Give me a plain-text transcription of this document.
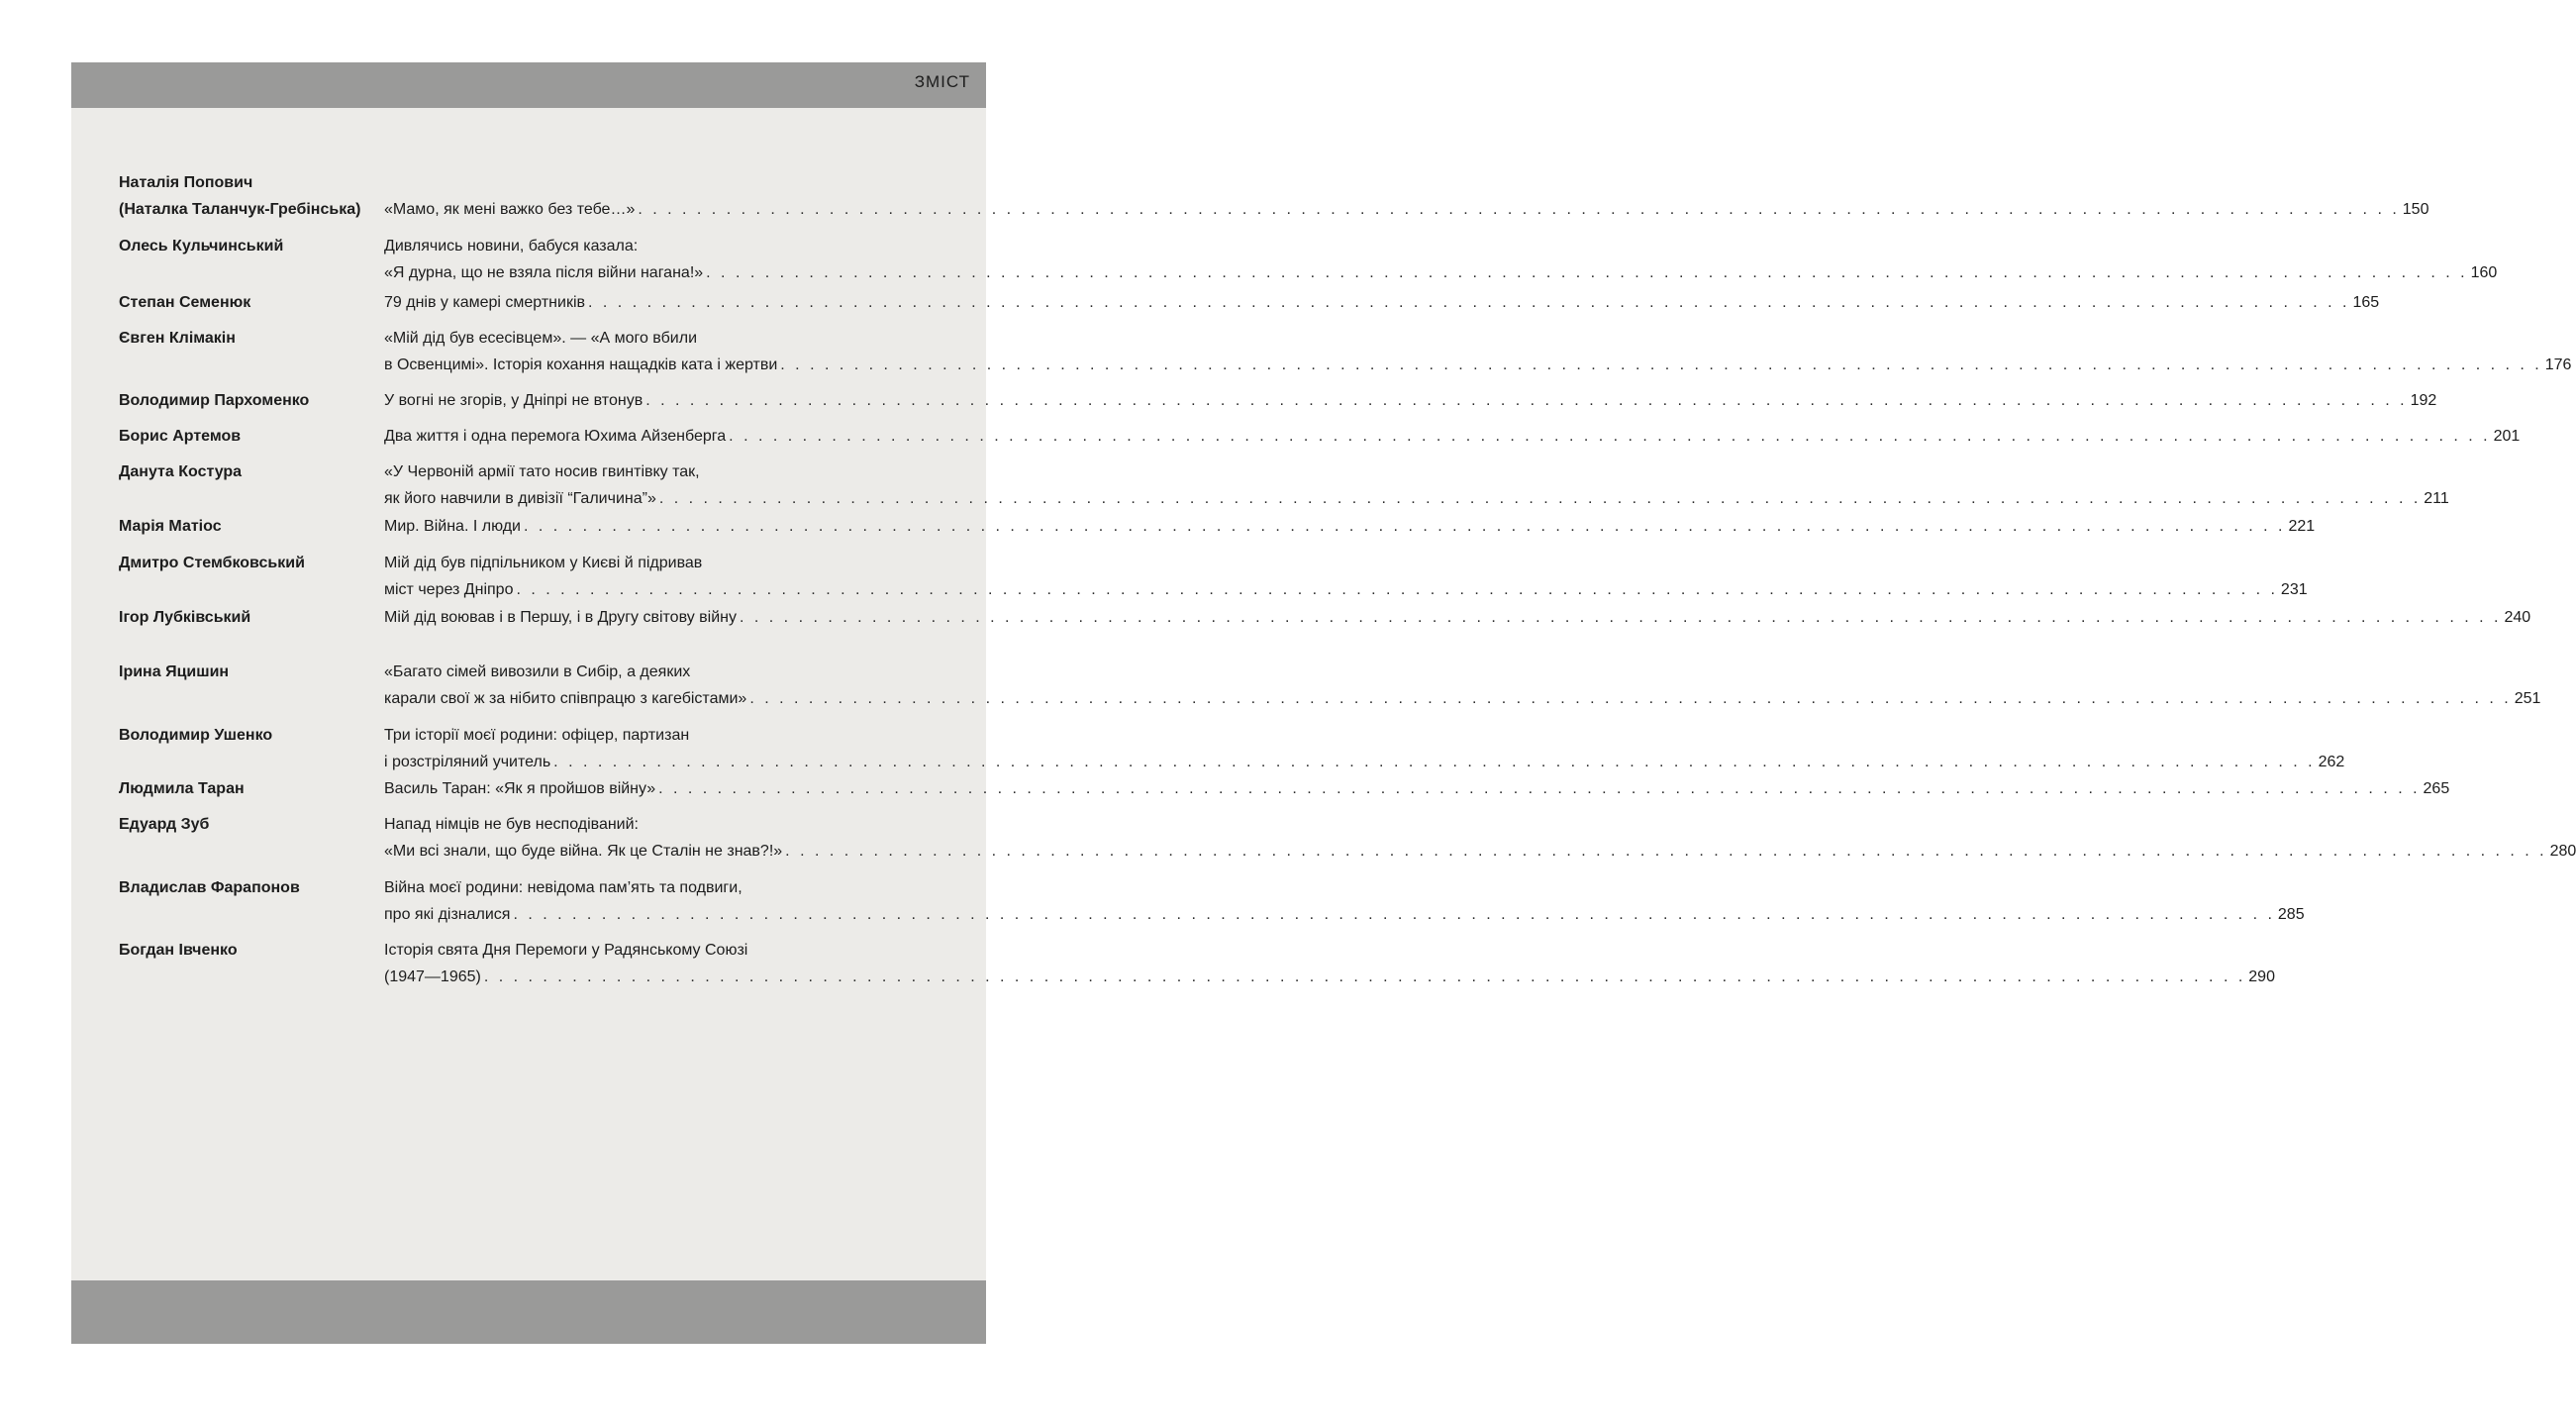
ЗМІСТ
Наталія Попович
(Наталка Таланчук-Гребінська)	«Мамо, як мені важко без тебе…» . . . . . . . . . . . . . . . . . . . . . . . . . . . . . . . . . . . . . . . . . . . . . . . . . . . . . . . . . . . . . . . . . . . . . . . . . . . . . . . . . . . . . . . . . . . . . . . . . . . . . . . . . . . . . . . . . . . . . . . . 150
Олесь Кульчинський	Дивлячись новини, бабуся казала:
«Я дурна, що не взяла після війни нагана!» . . . . . . . . . . . . . . . . . . . . . . . . . . . . . . . . . . . . . . . . . . . . . . . . . . . . . . . . . . . . . . . . . . . . . . . . . . . . . . . . . . . . . . . . . . . . . . . . . . . . . . . . . . . . . . . . . . . . . . . . 160
Степан Семенюк	79 днів у камері смертників . . . . . . . . . . . . . . . . . . . . . . . . . . . . . . . . . . . . . . . . . . . . . . . . . . . . . . . . . . . . . . . . . . . . . . . . . . . . . . . . . . . . . . . . . . . . . . . . . . . . . . . . . . . . . . . . . . . . . . . . 165
Євген Клімакін	«Мій дід був есесівцем». — «А мого вбили
в Освенцимі». Історія кохання нащадків ката і жертви . . . . . . . . . . . . . . . . . . . . . . . . . . . . . . . . . . . . . . . . . . . . . . . . . . . . . . . . . . . . . . . . . . . . . . . . . . . . . . . . . . . . . . . . . . . . . . . . . . . . . . . . . . . . . . . . . . . . . . . . 176
Володимир Пархоменко	У вогні не згорів, у Дніпрі не втонув . . . . . . . . . . . . . . . . . . . . . . . . . . . . . . . . . . . . . . . . . . . . . . . . . . . . . . . . . . . . . . . . . . . . . . . . . . . . . . . . . . . . . . . . . . . . . . . . . . . . . . . . . . . . . . . . . . . . . . . . 192
Борис Артемов	Два життя і одна перемога Юхима Айзенберга . . . . . . . . . . . . . . . . . . . . . . . . . . . . . . . . . . . . . . . . . . . . . . . . . . . . . . . . . . . . . . . . . . . . . . . . . . . . . . . . . . . . . . . . . . . . . . . . . . . . . . . . . . . . . . . . . . . . . . . . 201
Данута Костура	«У Червоній армії тато носив гвинтівку так,
як його навчили в дивізії “Галичина”» . . . . . . . . . . . . . . . . . . . . . . . . . . . . . . . . . . . . . . . . . . . . . . . . . . . . . . . . . . . . . . . . . . . . . . . . . . . . . . . . . . . . . . . . . . . . . . . . . . . . . . . . . . . . . . . . . . . . . . . . 211
Марія Матіос	Мир. Війна. І люди . . . . . . . . . . . . . . . . . . . . . . . . . . . . . . . . . . . . . . . . . . . . . . . . . . . . . . . . . . . . . . . . . . . . . . . . . . . . . . . . . . . . . . . . . . . . . . . . . . . . . . . . . . . . . . . . . . . . . . . . 221
Дмитро Стембковський	Мій дід був підпільником у Києві й підривав
міст через Дніпро . . . . . . . . . . . . . . . . . . . . . . . . . . . . . . . . . . . . . . . . . . . . . . . . . . . . . . . . . . . . . . . . . . . . . . . . . . . . . . . . . . . . . . . . . . . . . . . . . . . . . . . . . . . . . . . . . . . . . . . . 231
Ігор Лубківський	Мій дід воював і в Першу, і в Другу світову війну . . . . . . . . . . . . . . . . . . . . . . . . . . . . . . . . . . . . . . . . . . . . . . . . . . . . . . . . . . . . . . . . . . . . . . . . . . . . . . . . . . . . . . . . . . . . . . . . . . . . . . . . . . . . . . . . . . . . . . . . 240
Ірина Яцишин	«Багато сімей вивозили в Сибір, а деяких
карали свої ж за нібито співпрацю з кагебістами» . . . . . . . . . . . . . . . . . . . . . . . . . . . . . . . . . . . . . . . . . . . . . . . . . . . . . . . . . . . . . . . . . . . . . . . . . . . . . . . . . . . . . . . . . . . . . . . . . . . . . . . . . . . . . . . . . . . . . . . . 251
Володимир Ушенко	Три історії моєї родини: офіцер, партизан
і розстріляний учитель . . . . . . . . . . . . . . . . . . . . . . . . . . . . . . . . . . . . . . . . . . . . . . . . . . . . . . . . . . . . . . . . . . . . . . . . . . . . . . . . . . . . . . . . . . . . . . . . . . . . . . . . . . . . . . . . . . . . . . . . 262
Людмила Таран	Василь Таран: «Як я пройшов війну» . . . . . . . . . . . . . . . . . . . . . . . . . . . . . . . . . . . . . . . . . . . . . . . . . . . . . . . . . . . . . . . . . . . . . . . . . . . . . . . . . . . . . . . . . . . . . . . . . . . . . . . . . . . . . . . . . . . . . . . . 265
Едуард Зуб	Напад німців не був несподіваний:
«Ми всі знали, що буде війна. Як це Сталін не знав?!» . . . . . . . . . . . . . . . . . . . . . . . . . . . . . . . . . . . . . . . . . . . . . . . . . . . . . . . . . . . . . . . . . . . . . . . . . . . . . . . . . . . . . . . . . . . . . . . . . . . . . . . . . . . . . . . . . . . . . . . . 280
Владислав Фарапонов	Війна моєї родини: невідома пам’ять та подвиги,
про які дізналися . . . . . . . . . . . . . . . . . . . . . . . . . . . . . . . . . . . . . . . . . . . . . . . . . . . . . . . . . . . . . . . . . . . . . . . . . . . . . . . . . . . . . . . . . . . . . . . . . . . . . . . . . . . . . . . . . . . . . . . . 285
Богдан Івченко	Історія свята Дня Перемоги у Радянському Союзі
(1947—1965) . . . . . . . . . . . . . . . . . . . . . . . . . . . . . . . . . . . . . . . . . . . . . . . . . . . . . . . . . . . . . . . . . . . . . . . . . . . . . . . . . . . . . . . . . . . . . . . . . . . . . . . . . . . . . . . . . . . . . . . . 290
